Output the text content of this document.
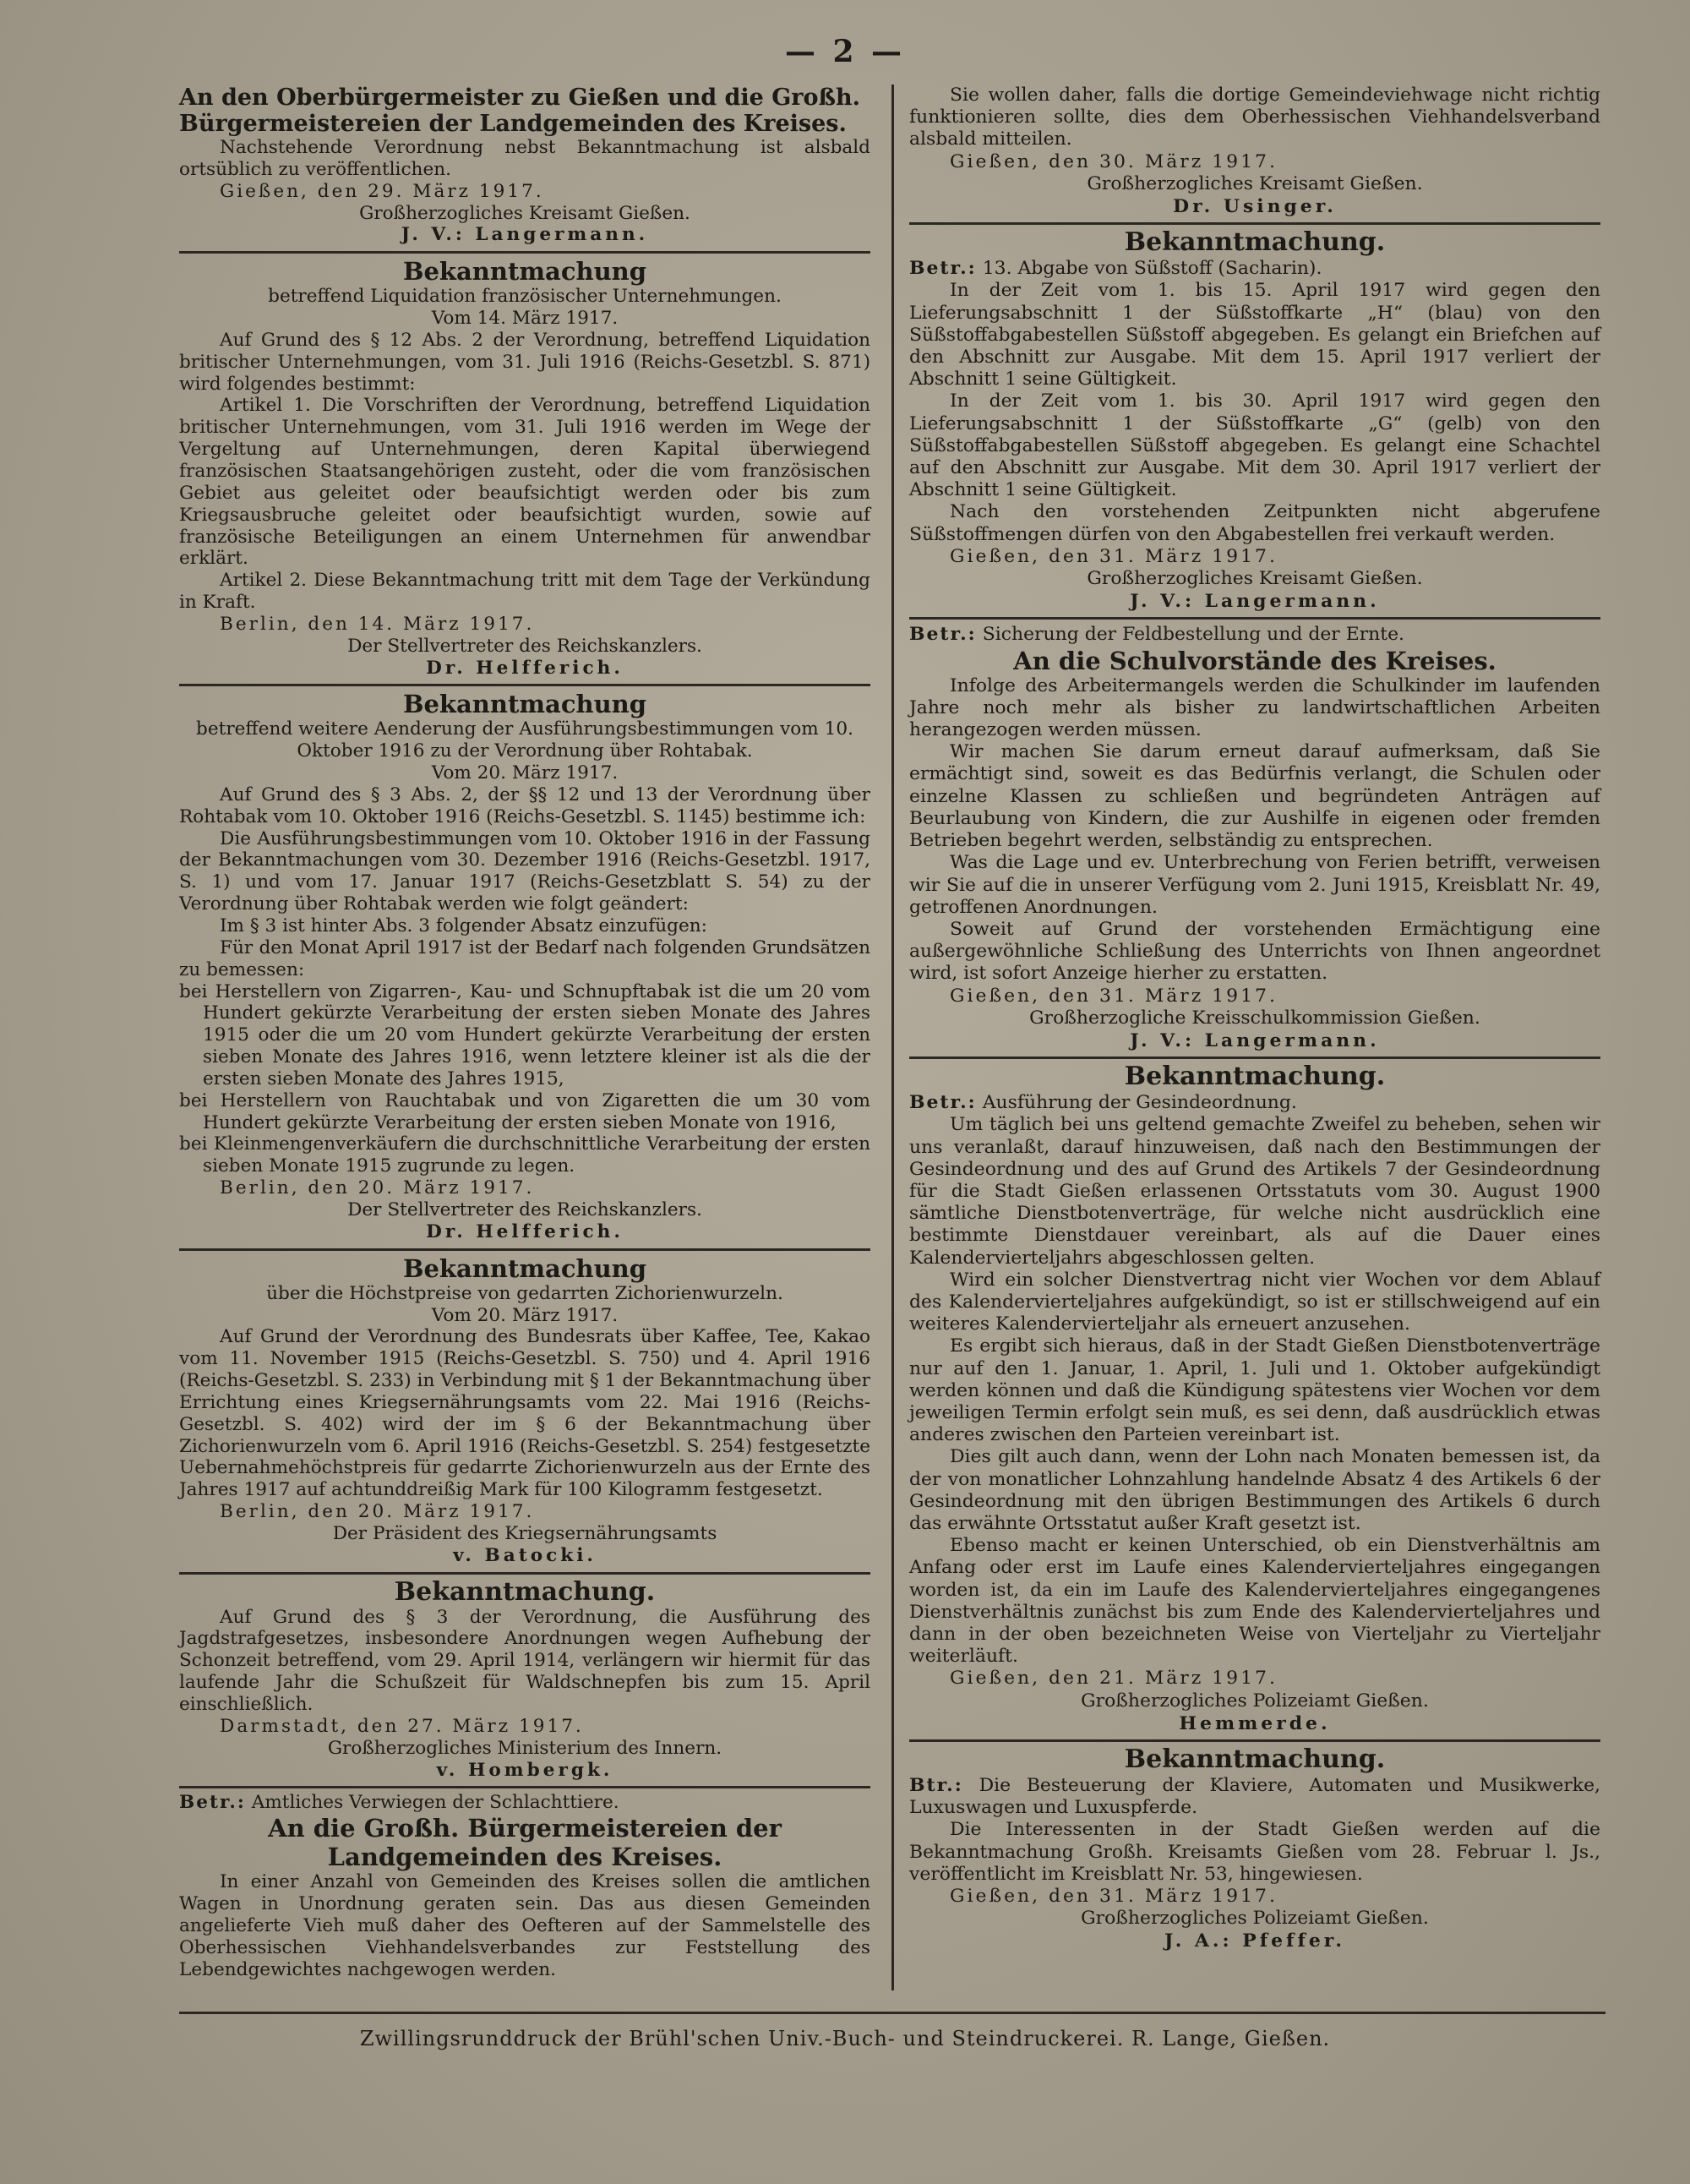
— 2 —
An den Oberbürgermeister zu Gießen und die Großh. Bürgermeistereien der Landgemeinden des Kreises.

Nachstehende Verordnung nebst Bekanntmachung ist alsbald ortsüblich zu veröffentlichen.

Gießen, den 29. März 1917.
Großherzogliches Kreisamt Gießen.
J. V.: Langermann.
Bekanntmachung
betreffend Liquidation französischer Unternehmungen.
Vom 14. März 1917.

Auf Grund des § 12 Abs. 2 der Verordnung, betreffend Liquidation britischer Unternehmungen, vom 31. Juli 1916 (Reichs-Gesetzbl. S. 871) wird folgendes bestimmt:

Artikel 1. Die Vorschriften der Verordnung, betreffend Liquidation britischer Unternehmungen, vom 31. Juli 1916 werden im Wege der Vergeltung auf Unternehmungen, deren Kapital überwiegend französischen Staatsangehörigen zusteht, oder die vom französischen Gebiet aus geleitet oder beaufsichtigt werden oder bis zum Kriegsausbruche geleitet oder beaufsichtigt wurden, sowie auf französische Beteiligungen an einem Unternehmen für anwendbar erklärt.

Artikel 2. Diese Bekanntmachung tritt mit dem Tage der Verkündung in Kraft.

Berlin, den 14. März 1917.
Der Stellvertreter des Reichskanzlers.
Dr. Helfferich.
Bekanntmachung
betreffend weitere Aenderung der Ausführungsbestimmungen vom 10. Oktober 1916 zu der Verordnung über Rohtabak.
Vom 20. März 1917.

Auf Grund des § 3 Abs. 2, der §§ 12 und 13 der Verordnung über Rohtabak vom 10. Oktober 1916 (Reichs-Gesetzbl. S. 1145) bestimme ich:

Die Ausführungsbestimmungen vom 10. Oktober 1916 in der Fassung der Bekanntmachungen vom 30. Dezember 1916 (Reichs-Gesetzbl. 1917, S. 1) und vom 17. Januar 1917 (Reichs-Gesetzblatt S. 54) zu der Verordnung über Rohtabak werden wie folgt geändert:

Im § 3 ist hinter Abs. 3 folgender Absatz einzufügen:

Für den Monat April 1917 ist der Bedarf nach folgenden Grundsätzen zu bemessen:

bei Herstellern von Zigarren-, Kau- und Schnupftabak ist die um 20 vom Hundert gekürzte Verarbeitung der ersten sieben Monate des Jahres 1915 oder die um 20 vom Hundert gekürzte Verarbeitung der ersten sieben Monate des Jahres 1916, wenn letztere kleiner ist als die der ersten sieben Monate des Jahres 1915,
bei Herstellern von Rauchtabak und von Zigaretten die um 30 vom Hundert gekürzte Verarbeitung der ersten sieben Monate von 1916,
bei Kleinmengenverkäufern die durchschnittliche Verarbeitung der ersten sieben Monate 1915 zugrunde zu legen.
Berlin, den 20. März 1917.
Der Stellvertreter des Reichskanzlers.
Dr. Helfferich.
Bekanntmachung
über die Höchstpreise von gedarrten Zichorienwurzeln.
Vom 20. März 1917.

Auf Grund der Verordnung des Bundesrats über Kaffee, Tee, Kakao vom 11. November 1915 (Reichs-Gesetzbl. S. 750) und 4. April 1916 (Reichs-Gesetzbl. S. 233) in Verbindung mit § 1 der Bekanntmachung über Errichtung eines Kriegsernährungsamts vom 22. Mai 1916 (Reichs-Gesetzbl. S. 402) wird der im § 6 der Bekanntmachung über Zichorienwurzeln vom 6. April 1916 (Reichs-Gesetzbl. S. 254) festgesetzte Uebernahmehöchstpreis für gedarrte Zichorienwurzeln aus der Ernte des Jahres 1917 auf achtunddreißig Mark für 100 Kilogramm festgesetzt.

Berlin, den 20. März 1917.
Der Präsident des Kriegsernährungsamts
v. Batocki.
Bekanntmachung.

Auf Grund des § 3 der Verordnung, die Ausführung des Jagdstrafgesetzes, insbesondere Anordnungen wegen Aufhebung der Schonzeit betreffend, vom 29. April 1914, verlängern wir hiermit für das laufende Jahr die Schußzeit für Waldschnepfen bis zum 15. April einschließlich.

Darmstadt, den 27. März 1917.
Großherzogliches Ministerium des Innern.
v. Hombergk.

Betr.: Amtliches Verwiegen der Schlachttiere.

An die Großh. Bürgermeistereien der Landgemeinden des Kreises.

In einer Anzahl von Gemeinden des Kreises sollen die amtlichen Wagen in Unordnung geraten sein. Das aus diesen Gemeinden angelieferte Vieh muß daher des Oefteren auf der Sammelstelle des Oberhessischen Viehhandelsverbandes zur Feststellung des Lebendgewichtes nachgewogen werden.

Sie wollen daher, falls die dortige Gemeindeviehwage nicht richtig funktionieren sollte, dies dem Oberhessischen Viehhandelsverband alsbald mitteilen.

Gießen, den 30. März 1917.
Großherzogliches Kreisamt Gießen.
Dr. Usinger.
Bekanntmachung.

Betr.: 13. Abgabe von Süßstoff (Sacharin).

In der Zeit vom 1. bis 15. April 1917 wird gegen den Lieferungsabschnitt 1 der Süßstoffkarte „H“ (blau) von den Süßstoffabgabestellen Süßstoff abgegeben. Es gelangt ein Briefchen auf den Abschnitt zur Ausgabe. Mit dem 15. April 1917 verliert der Abschnitt 1 seine Gültigkeit.

In der Zeit vom 1. bis 30. April 1917 wird gegen den Lieferungsabschnitt 1 der Süßstoffkarte „G“ (gelb) von den Süßstoffabgabestellen Süßstoff abgegeben. Es gelangt eine Schachtel auf den Abschnitt zur Ausgabe. Mit dem 30. April 1917 verliert der Abschnitt 1 seine Gültigkeit.

Nach den vorstehenden Zeitpunkten nicht abgerufene Süßstoffmengen dürfen von den Abgabestellen frei verkauft werden.

Gießen, den 31. März 1917.
Großherzogliches Kreisamt Gießen.
J. V.: Langermann.

Betr.: Sicherung der Feldbestellung und der Ernte.

An die Schulvorstände des Kreises.

Infolge des Arbeitermangels werden die Schulkinder im laufenden Jahre noch mehr als bisher zu landwirtschaftlichen Arbeiten herangezogen werden müssen.

Wir machen Sie darum erneut darauf aufmerksam, daß Sie ermächtigt sind, soweit es das Bedürfnis verlangt, die Schulen oder einzelne Klassen zu schließen und begründeten Anträgen auf Beurlaubung von Kindern, die zur Aushilfe in eigenen oder fremden Betrieben begehrt werden, selbständig zu entsprechen.

Was die Lage und ev. Unterbrechung von Ferien betrifft, verweisen wir Sie auf die in unserer Verfügung vom 2. Juni 1915, Kreisblatt Nr. 49, getroffenen Anordnungen.

Soweit auf Grund der vorstehenden Ermächtigung eine außergewöhnliche Schließung des Unterrichts von Ihnen angeordnet wird, ist sofort Anzeige hierher zu erstatten.

Gießen, den 31. März 1917.
Großherzogliche Kreisschulkommission Gießen.
J. V.: Langermann.
Bekanntmachung.

Betr.: Ausführung der Gesindeordnung.

Um täglich bei uns geltend gemachte Zweifel zu beheben, sehen wir uns veranlaßt, darauf hinzuweisen, daß nach den Bestimmungen der Gesindeordnung und des auf Grund des Artikels 7 der Gesindeordnung für die Stadt Gießen erlassenen Ortsstatuts vom 30. August 1900 sämtliche Dienstbotenverträge, für welche nicht ausdrücklich eine bestimmte Dienstdauer vereinbart, als auf die Dauer eines Kalendervierteljahrs abgeschlossen gelten.

Wird ein solcher Dienstvertrag nicht vier Wochen vor dem Ablauf des Kalendervierteljahres aufgekündigt, so ist er stillschweigend auf ein weiteres Kalendervierteljahr als erneuert anzusehen.

Es ergibt sich hieraus, daß in der Stadt Gießen Dienstbotenverträge nur auf den 1. Januar, 1. April, 1. Juli und 1. Oktober aufgekündigt werden können und daß die Kündigung spätestens vier Wochen vor dem jeweiligen Termin erfolgt sein muß, es sei denn, daß ausdrücklich etwas anderes zwischen den Parteien vereinbart ist.

Dies gilt auch dann, wenn der Lohn nach Monaten bemessen ist, da der von monatlicher Lohnzahlung handelnde Absatz 4 des Artikels 6 der Gesindeordnung mit den übrigen Bestimmungen des Artikels 6 durch das erwähnte Ortsstatut außer Kraft gesetzt ist.

Ebenso macht er keinen Unterschied, ob ein Dienstverhältnis am Anfang oder erst im Laufe eines Kalendervierteljahres eingegangen worden ist, da ein im Laufe des Kalendervierteljahres eingegangenes Dienstverhältnis zunächst bis zum Ende des Kalendervierteljahres und dann in der oben bezeichneten Weise von Vierteljahr zu Vierteljahr weiterläuft.

Gießen, den 21. März 1917.
Großherzogliches Polizeiamt Gießen.
Hemmerde.
Bekanntmachung.

Btr.: Die Besteuerung der Klaviere, Automaten und Musikwerke, Luxuswagen und Luxuspferde.

Die Interessenten in der Stadt Gießen werden auf die Bekanntmachung Großh. Kreisamts Gießen vom 28. Februar l. Js., veröffentlicht im Kreisblatt Nr. 53, hingewiesen.

Gießen, den 31. März 1917.
Großherzogliches Polizeiamt Gießen.
J. A.: Pfeffer.
Zwillingsrunddruck der Brühl'schen Univ.-Buch- und Steindruckerei. R. Lange, Gießen.
